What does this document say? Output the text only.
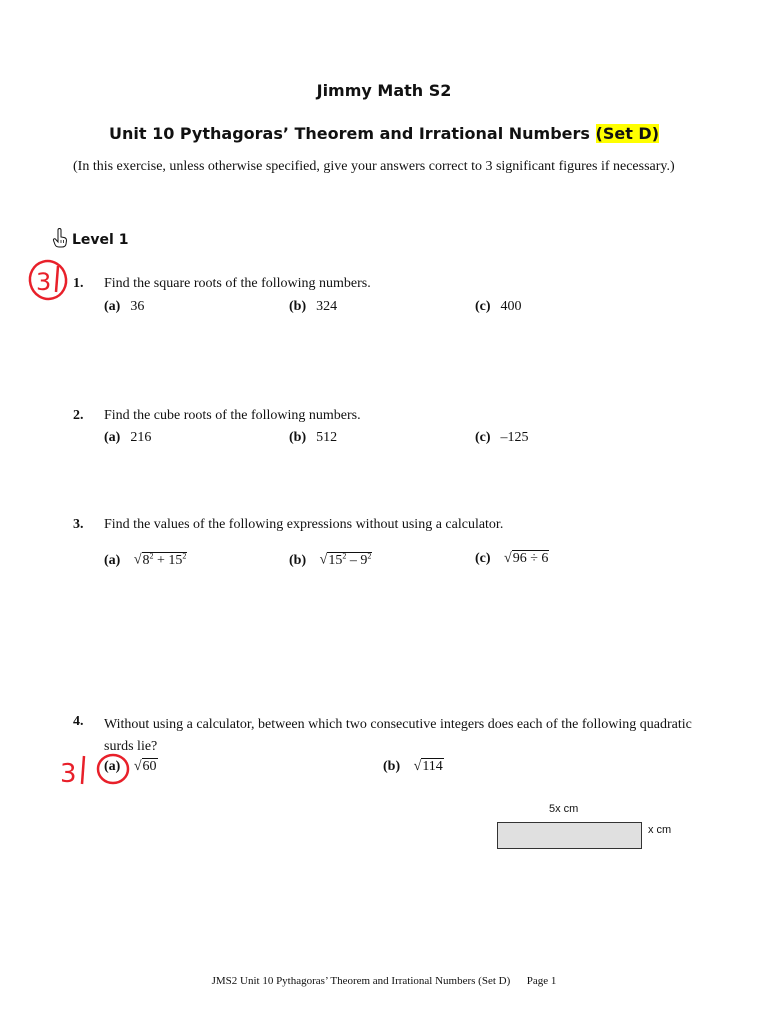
Jimmy Math S2
Unit 10 Pythagoras’ Theorem and Irrational Numbers (Set D)
(In this exercise, unless otherwise specified, give your answers correct to 3 significant figures if necessary.)
Level 1
3 1. Find the square roots of the following numbers.
(a) 36	(b) 324	(c) 400
2. Find the cube roots of the following numbers.
(a) 216	(b) 512	(c) –125
3. Find the values of the following expressions without using a calculator.
(a) $√8^2 + 15^2$	(b) $√15^2 - 9^2$	(c) √96 ÷ 6
4. Without using a calculator, between which two consecutive integers does each of the following quadratic surds lie?
3 (a) √60	(b) √114
5x cm
x cm
JMS2 Unit 10 Pythagoras’ Theorem and Irrational Numbers (Set D) Page 1
